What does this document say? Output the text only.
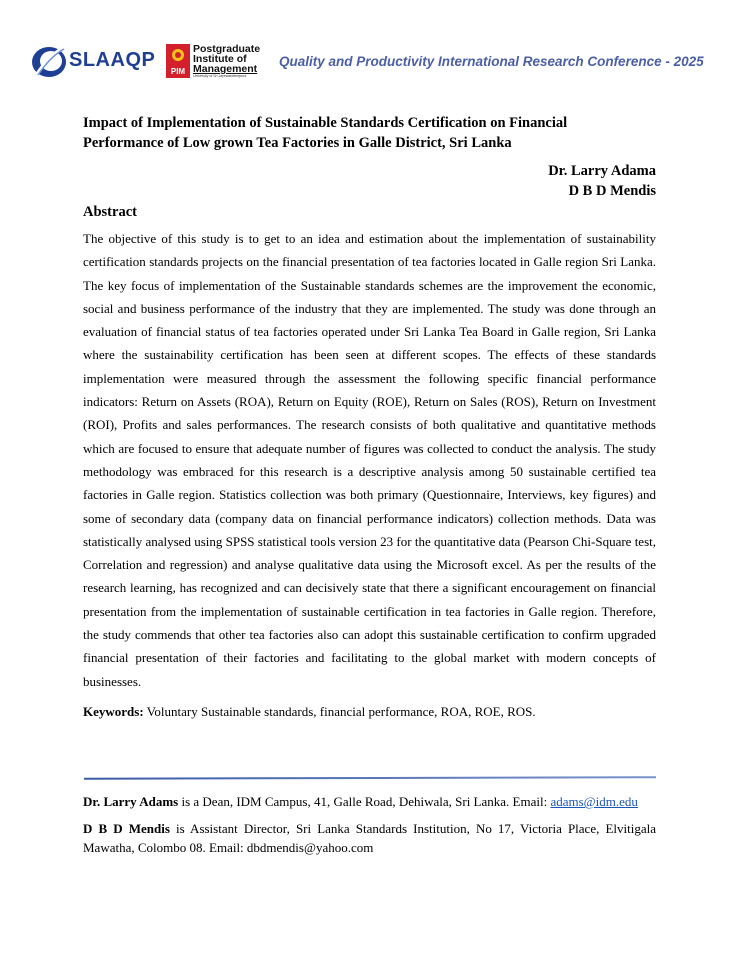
SLAAQP
PIM
Postgraduate
Institute of
Management
University of Sri Jayewardenepura
Quality and Productivity International Research Conference - 2025
Impact of Implementation of Sustainable Standards Certification on Financial
Performance of Low grown Tea Factories in Galle District, Sri Lanka
Dr. Larry Adama
D B D Mendis
Abstract

The objective of this study is to get to an idea and estimation about the implementation of sustainability certification standards projects on the financial presentation of tea factories located in Galle region Sri Lanka. The key focus of implementation of the Sustainable standards schemes are the improvement the economic, social and business performance of the industry that they are implemented. The study was done through an evaluation of financial status of tea factories operated under Sri Lanka Tea Board in Galle region, Sri Lanka where the sustainability certification has been seen at different scopes. The effects of these standards implementation were measured through the assessment the following specific financial performance indicators: Return on Assets (ROA), Return on Equity (ROE), Return on Sales (ROS), Return on Investment (ROI), Profits and sales performances. The research consists of both qualitative and quantitative methods which are focused to ensure that adequate number of figures was collected to conduct the analysis. The study methodology was embraced for this research is a descriptive analysis among 50 sustainable certified tea factories in Galle region. Statistics collection was both primary (Questionnaire, Interviews, key figures) and some of secondary data (company data on financial performance indicators) collection methods. Data was statistically analysed using SPSS statistical tools version 23 for the quantitative data (Pearson Chi-Square test, Correlation and regression) and analyse qualitative data using the Microsoft excel. As per the results of the research learning, has recognized and can decisively state that there a significant encouragement on financial presentation from the implementation of sustainable certification in tea factories in Galle region. Therefore, the study commends that other tea factories also can adopt this sustainable certification to confirm upgraded financial presentation of their factories and facilitating to the global market with modern concepts of businesses.

Keywords: Voluntary Sustainable standards, financial performance, ROA, ROE, ROS.

Dr. Larry Adams is a Dean, IDM Campus, 41, Galle Road, Dehiwala, Sri Lanka. Email: adams@idm.edu

D B D Mendis is Assistant Director, Sri Lanka Standards Institution, No 17, Victoria Place, Elvitigala Mawatha, Colombo 08. Email: dbdmendis@yahoo.com
